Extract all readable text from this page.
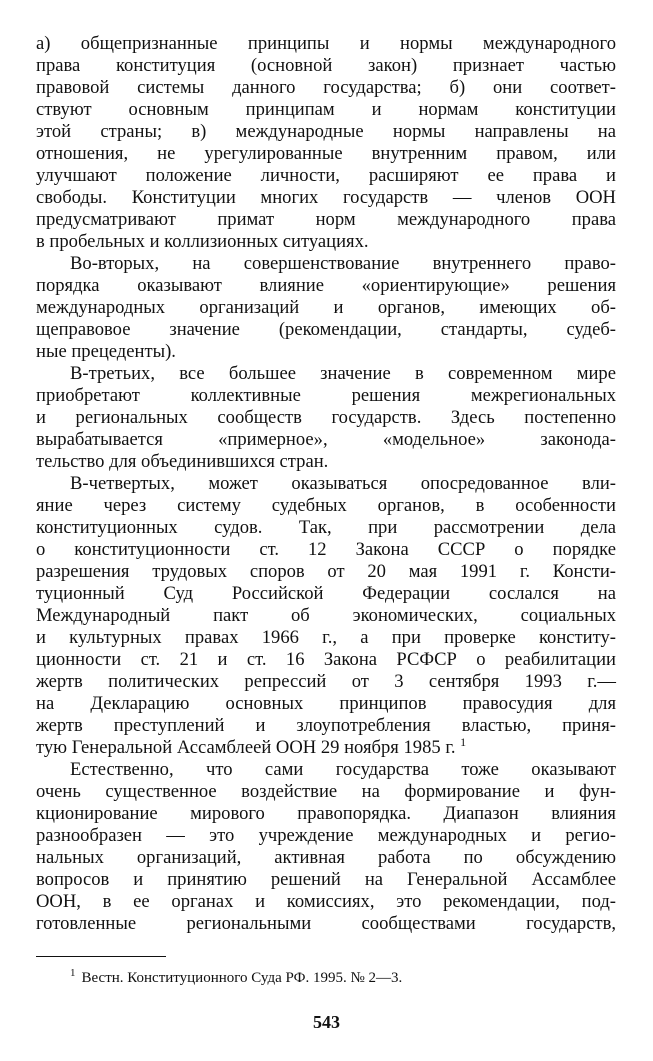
а) общепризнанные принципы и нормы международного
права конституция (основной закон) признает частью
правовой системы данного государства; б) они соответ-
ствуют основным принципам и нормам конституции
этой страны; в) международные нормы направлены на
отношения, не урегулированные внутренним правом, или
улучшают положение личности, расширяют ее права и
свободы. Конституции многих государств — членов ООН
предусматривают примат норм международного права
в пробельных и коллизионных ситуациях.
Во-вторых, на совершенствование внутреннего право-
порядка оказывают влияние «ориентирующие» решения
международных организаций и органов, имеющих об-
щеправовое значение (рекомендации, стандарты, судеб-
ные прецеденты).
В-третьих, все большее значение в современном мире
приобретают коллективные решения межрегиональных
и региональных сообществ государств. Здесь постепенно
вырабатывается «примерное», «модельное» законода-
тельство для объединившихся стран.
В-четвертых, может оказываться опосредованное вли-
яние через систему судебных органов, в особенности
конституционных судов. Так, при рассмотрении дела
о конституционности ст. 12 Закона СССР о порядке
разрешения трудовых споров от 20 мая 1991 г. Консти-
туционный Суд Российской Федерации сослался на
Международный пакт об экономических, социальных
и культурных правах 1966 г., а при проверке конститу-
ционности ст. 21 и ст. 16 Закона РСФСР о реабилитации
жертв политических репрессий от 3 сентября 1993 г.—
на Декларацию основных принципов правосудия для
жертв преступлений и злоупотребления властью, приня-
тую Генеральной Ассамблеей ООН 29 ноября 1985 г. $^1$
Естественно, что сами государства тоже оказывают
очень существенное воздействие на формирование и фун-
кционирование мирового правопорядка. Диапазон влияния
разнообразен — это учреждение международных и регио-
нальных организаций, активная работа по обсуждению
вопросов и принятию решений на Генеральной Ассамблее
ООН, в ее органах и комиссиях, это рекомендации, под-
готовленные региональными сообществами государств,
$^1$ Вестн. Конституционного Суда РФ. 1995. № 2—3.
543
